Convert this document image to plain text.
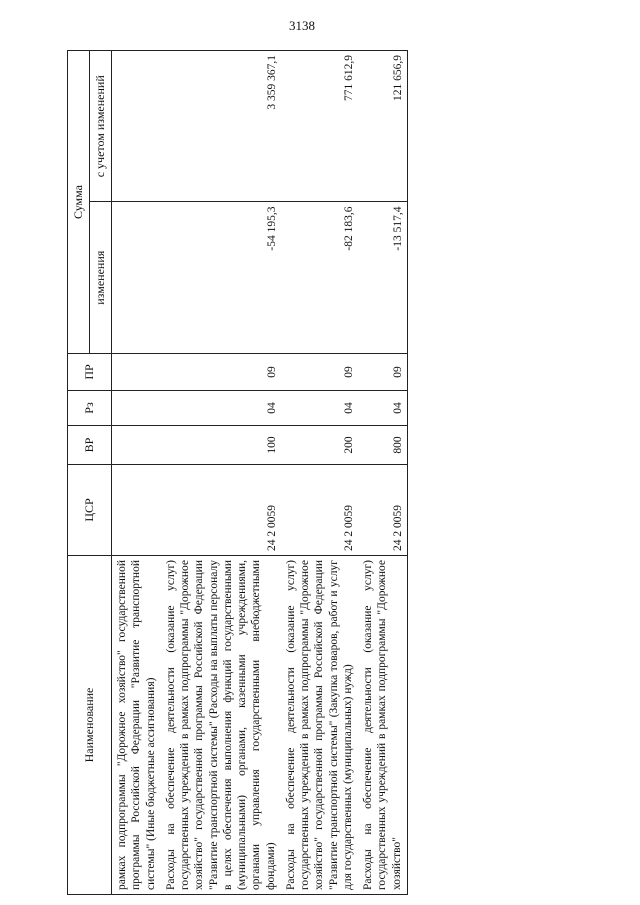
3138
Наименование	ЦСР	ВР	Рз	ПР	Сумма	
					изменения	с учетом изменений
рамках подпрограммы "Дорожное хозяйство" государственной программы Российской Федерации "Развитие транспортной системы" (Иные бюджетные ассигнования)						
Расходы на обеспечение деятельности (оказание услуг) государственных учреждений в рамках подпрограммы "Дорожное хозяйство" государственной программы Российской Федерации "Развитие транспортной системы" (Расходы на выплаты персоналу в целях обеспечения выполнения функций государственными (муниципальными) органами, казенными учреждениями, органами управления государственными внебюджетными фондами)	24 2 0059	100	04	09	-54 195,3	3 359 367,1
Расходы на обеспечение деятельности (оказание услуг) государственных учреждений в рамках подпрограммы "Дорожное хозяйство" государственной программы Российской Федерации "Развитие транспортной системы" (Закупка товаров, работ и услуг для государственных (муниципальных) нужд)	24 2 0059	200	04	09	-82 183,6	771 612,9
Расходы на обеспечение деятельности (оказание услуг) государственных учреждений в рамках подпрограммы "Дорожное хозяйство"	24 2 0059	800	04	09	-13 517,4	121 656,9
